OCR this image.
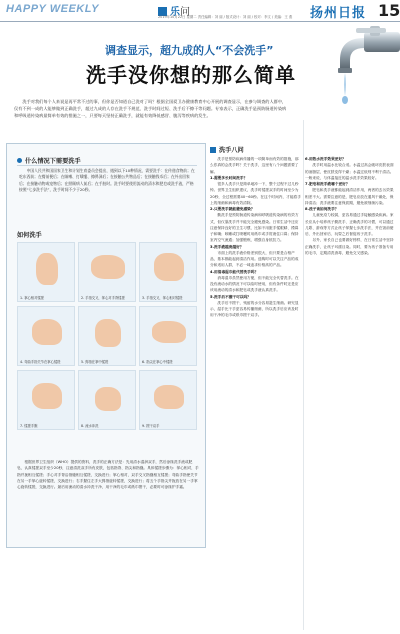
HAPPY WEEKLY	乐问
2019年10月22日 星期二 责任编辑：刘 丽 / 版式设计：刘 丽 / 校对：李文 / 美编：王 燕 扬州日报 15
调查显示，超九成的人“不会洗手”
洗手没你想的那么简单
洗手对我们每个人来说是再平常不过的事，但你是否知道自己洗对了吗？根据全国爱卫办健康教育中心开展的调查显示，在参与调查的人群中，仅有不到一成的人能够做到正确洗手，超过九成的人存在洗手不规范、洗手时间过短、洗手后不擦干等问题。专家表示，正确洗手是预防肠道传染病和呼吸道传染病最简单有效的措施之一，只要每天坚持正确洗手，就能有效降低感冒、腹泻等疾病的发生。
什么情况下需要洗手
中国人民共和国国家卫生和计划生育委员会提出，遇到以下10种情况，需要洗手：在传递食物前；在吃东西前；在餐前便后；在咳嗽、打喷嚏、擦鼻涕后；在接触公共物品后；在接触钱币后；在外出回家后；在接触动物或宠物后；在照顾病人前后；在手脏时。洗手时要使用流动的清水和肥皂或洗手液，严格按照“七步洗手法”，洗手时间不少于20秒。
如何洗手
1. 掌心相对揉搓	2. 手指交叉，掌心对手背揉搓	3. 手指交叉，掌心相对揉搓
4. 弯曲手指关节在掌心揉搓	5. 拇指在掌中揉搓	6. 指尖在掌心中揉搓
7. 揉搓手腕	8. 流水冲洗	9. 擦干双手
根据世界卫生组织（WHO）提供的资料，洗手的正确方法是：先用清水湿润双手，然后涂抹洗手液或肥皂，认真揉搓双手至少20秒，注意清洗双手所有皮肤，包括指背、指尖和指缝。具体揉搓步骤为：掌心相对，手指并拢相互揉搓；手心对手背沿指缝相互揉搓，交换进行；掌心相对，双手交叉指缝相互揉搓；弯曲手指使关节在另一手掌心旋转揉搓，交换进行；右手握住左手大拇指旋转揉搓，交换进行；将五个手指尖并拢放在另一手掌心旋转揉搓，交换进行。最后用流动的清水冲洗干净，用干净的毛巾或纸巾擦干，必要时可涂抹护手霜。
洗手八问

洗手是预防疾病传播的一项简单而有效的措施，那么你真的会洗手吗？关于洗手，这里有八个问题需要了解。

1.需要多长时间洗手？

很多人洗手只是简单地冲一下，整个过程不过几秒钟。世界卫生组织建议，洗手时揉搓双手的时间至少为20秒，全过程需要40~60秒。在这个时间内，才能将手上的细菌和病毒有效清除。

2.只要洗手就能避免感染？

勤洗手是预防肠道传染病和呼吸道传染病的有效方式，但仅靠洗手并不能完全避免感染。日常生活中还应注意保持良好的卫生习惯，比如不用脏手揉眼睛、摸鼻子和嘴；咳嗽或打喷嚏时用纸巾或手肘遮住口鼻；保持室内空气流通；加强锻炼，增强自身抵抗力。

3.洗手液越贵越好？

市面上的洗手液价格差别很大，但只要是合格产品，基本都能起到清洁作用。选购时可以关注产品的成分和适用人群，不必一味追求价格高的产品。

4.用消毒湿巾能代替洗手吗？

消毒湿巾虽然使用方便，但不能完全代替洗手。在没有流动水的情况下可以临时使用，但有条件时还是应该用流动的清水和肥皂或洗手液认真洗手。

5.洗手后不擦干可以吗？

洗手后不擦干，残留的水分容易滋生细菌。研究显示，湿手比干手更容易传播细菌，所以洗手后应该及时用干净的毛巾或纸巾擦干双手。

6.用热水洗手效果更好？

洗手时用温水比较合适。水温过高会破坏皮肤表面的油脂层，使皮肤变得干燥；水温过低则不利于清洁。一般来说，与体温接近的温水洗手效果较好。

7.肥皂和洗手液哪个更好？

肥皂和洗手液都能起到清洁作用，两者的去污效果相差不大。需要注意的是，肥皂应放在通风干燥处，保持清洁；洗手液要注意保质期，避免被细菌污染。

8.孩子该如何洗手？

儿童免疫力较弱，更容易通过手接触感染疾病。家长应从小培养孩子勤洗手、正确洗手的习惯，可以通过儿歌、游戏等方式让孩子掌握七步洗手法，并在饭前便后、外出回家后、玩耍之后督促孩子洗手。

另外，家长自己也要做好榜样，在日常生活中坚持正确洗手，让孩子耳濡目染。同时，要为孩子准备专用的毛巾，定期清洗消毒，避免交叉感染。
